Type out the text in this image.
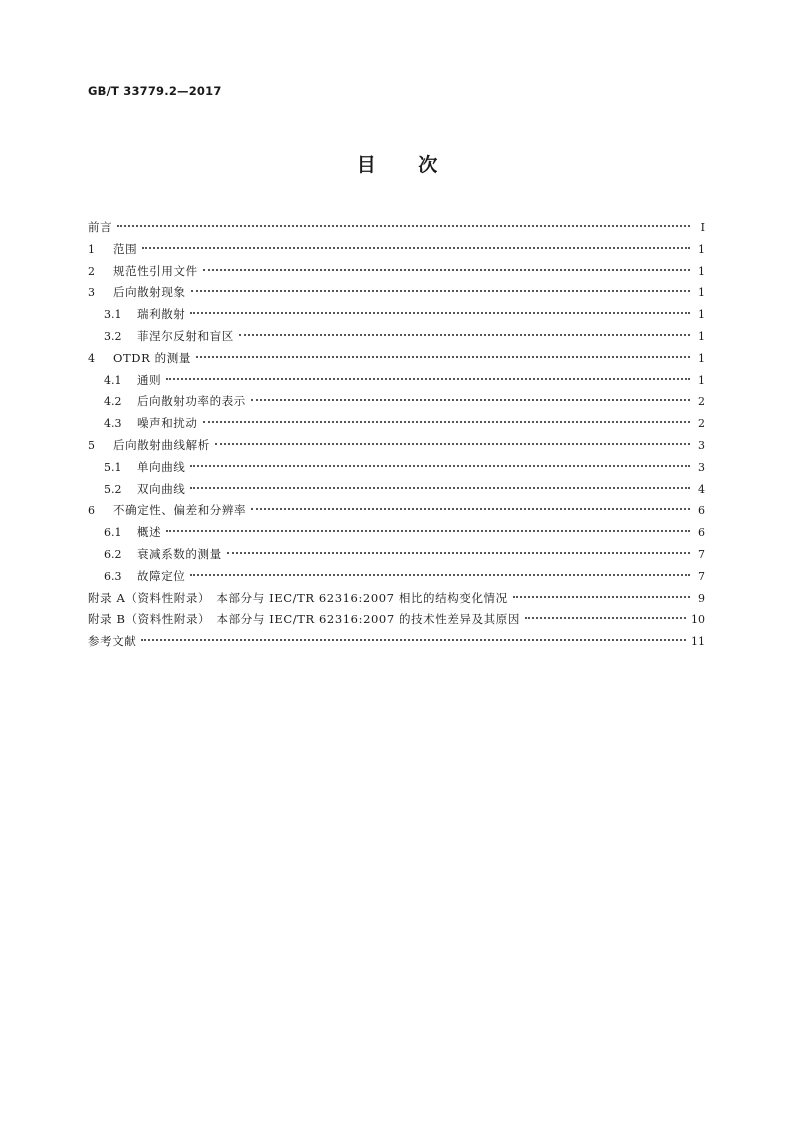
GB/T 33779.2—2017
目 次
前言	Ⅰ
1	范围	1
2	规范性引用文件	1
3	后向散射现象	1
3.1	瑞利散射	1
3.2	菲涅尔反射和盲区	1
4	OTDR 的测量	1
4.1	通则	1
4.2	后向散射功率的表示	2
4.3	噪声和扰动	2
5	后向散射曲线解析	3
5.1	单向曲线	3
5.2	双向曲线	4
6	不确定性、偏差和分辨率	6
6.1	概述	6
6.2	衰减系数的测量	7
6.3	故障定位	7
附录 A（资料性附录）　本部分与 IEC/TR 62316:2007 相比的结构变化情况	9
附录 B（资料性附录）　本部分与 IEC/TR 62316:2007 的技术性差异及其原因	10
参考文献	11
